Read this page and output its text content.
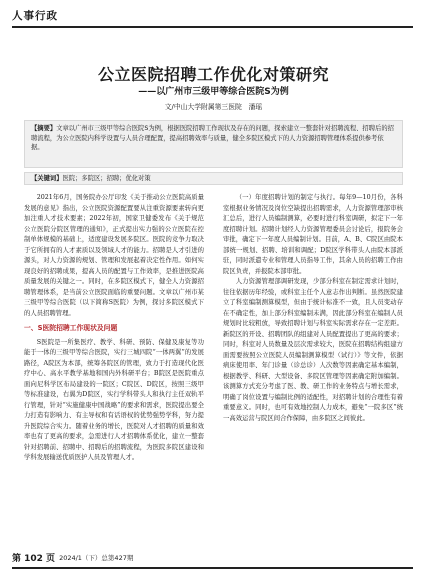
人事行政
公立医院招聘工作优化对策研究
——以广州市三级甲等综合医院S为例
文/中山大学附属第三医院　潘瑶
【摘要】文章以广州市三级甲等综合医院S为例，根据医院招聘工作现状及存在的问题，探索建立一整套针对招聘流程、招聘后的招聘流程，为公立医院内科学设置与人员合理配置，提高招聘效率与质量，健全多院区模式下的人力资源招聘管理体系提供参考依据。
【关键词】医院；多院区；招聘；优化对策

2021年6月，国务院办公厅印发《关于推动公立医院高质量发展的意见》指出，公立医院资源配置要从注重资源要素转向更加注重人才技术要素；2022年初，国家卫健委发布《关于规范公立医院分院区管理的通知》，正式提出实力强的公立医院在控制单体规模的基础上，适度建设发展多院区。医院的竞争力取决于它所拥有的人才素质以及领域人才的能力。招聘是人才引进的源头，对人力资源的规划、管理和发展起着决定性作用。如何实现良好的招聘成果，提高人员的配置与工作效率，是推进医院高质量发展的关键之一。同时，在多院区模式下，健全人力资源招聘管理体系，是当前公立医院面临的重要问题。文章以广州市某三级甲等综合医院（以下简称S医院）为例，探讨多院区模式下的人员招聘管理。

一、S医院招聘工作现状及问题

S医院是一所集医疗、教学、科研、预防、保健及康复等功能于一体的三级甲等综合医院，实行三城四院“一体两翼”的发展路径，A院区为本部，统筹各院区的管理，致力于打造现代化医疗中心、高水平教学基地和国内外科研平台；B院区是医院重点面向尼科学区布局建设的一院区；C院区、D院区，按照三级甲等标准建设，右翼为D院区，实行学科带头人和执行主任双轨平行管理，针对“实施健康中国战略”的要求和需求，医院提出要全力打造有影响力、有主导权和有话语权的优势强势学科，努力提升医院综合实力。随着业务的增长，医院对人才招聘的质量和效率也有了更高的要求，急需进行人才招聘体系优化，建立一整套针对招聘前、招聘中、招聘后的招聘流程，为医院多院区建设和学科发展输送优质医护人员及管理人才。

（一）年度招聘计划的制定与执行。每年9—10月份，各科室根据业务情况及岗位空缺提出招聘需求，人力资源管理部审核汇总后，进行人员编制测算，必要时进行科室调研，拟定下一年度招聘计划。招聘计划经人力资源管理委员会讨论后，报院务会审批，确定下一年度人员编制计划。目前，A、B、C院区由院本部统一规划、招聘、培训和调配；D院区学科带头人由院本部派驻，同时派遣专业和管理人员指导工作，其余人员的招聘工作由院区负责，并报院本部审批。

人力资源管理部调研发现，少部分科室在制定需求计划时，往往依据历年经验，或科室主任个人意志作出判断。虽然医院建立了科室编制测算模型，但由于统计标准不一致，且人员变动存在不确定性，加上部分科室编制未满，因此部分科室在编制人员规划时比较粗放，导致招聘计划与科室实际需求存在一定差距。新院区的开设、招聘团队的组建对人员配置提出了更高的要求；同时，科室对人员数量及层次需求较大，医院在招聘结构组建方面需要按照公立医院人员编制测算模型（试行）》等文件，依据病床使用率、年门诊量（诊总诊）人次数等因素确定基本编制，根据教学、科研、大型设备、多院区管理等因素确定附加编制。该测算方式充分考虑了医、教、研工作的业务特点与增长需求，明确了岗位设置与编制比例的适配性，对招聘计划的合理性有着重要意义。同时，也可有效地控制人力成本，避免“一院多区”统一高效运营与院区间合作保障，由多院区之间彼此。

第 102 页 2024/1（下）总第427期
